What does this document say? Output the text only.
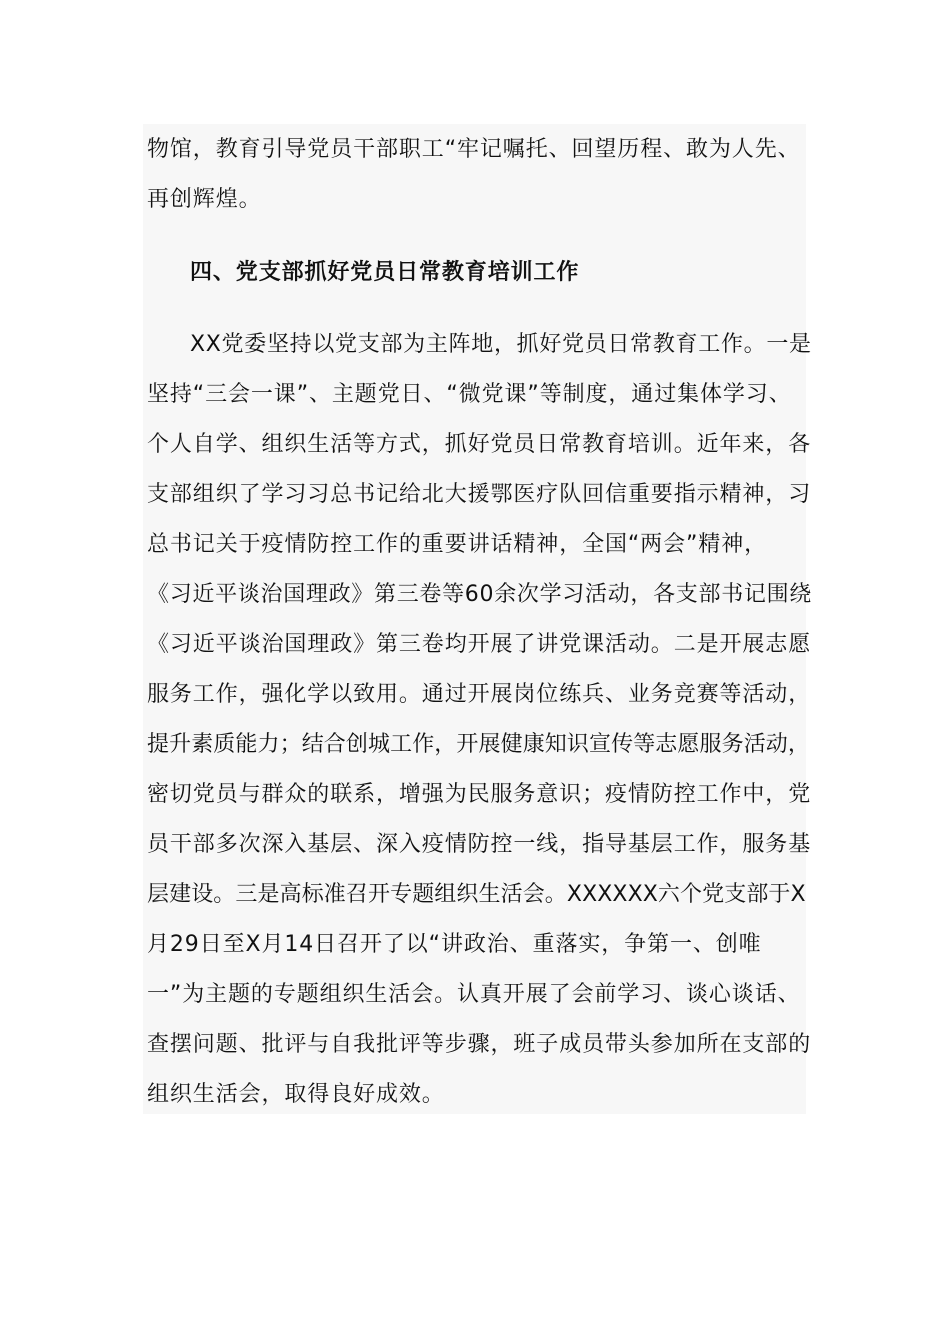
物馆，教育引导党员干部职工“牢记嘱托、回望历程、敢为人先、
再创辉煌。
四、党支部抓好党员日常教育培训工作
XX党委坚持以党支部为主阵地，抓好党员日常教育工作。一是
坚持“三会一课”、主题党日、“微党课”等制度，通过集体学习、
个人自学、组织生活等方式，抓好党员日常教育培训。近年来，各
支部组织了学习习总书记给北大援鄂医疗队回信重要指示精神，习
总书记关于疫情防控工作的重要讲话精神，全国“两会”精神，
《习近平谈治国理政》第三卷等60余次学习活动，各支部书记围绕
《习近平谈治国理政》第三卷均开展了讲党课活动。二是开展志愿
服务工作，强化学以致用。通过开展岗位练兵、业务竞赛等活动，
提升素质能力；结合创城工作，开展健康知识宣传等志愿服务活动，
密切党员与群众的联系，增强为民服务意识；疫情防控工作中，党
员干部多次深入基层、深入疫情防控一线，指导基层工作，服务基
层建设。三是高标准召开专题组织生活会。XXXXXX六个党支部于X
月29日至X月14日召开了以“讲政治、重落实，争第一、创唯
一”为主题的专题组织生活会。认真开展了会前学习、谈心谈话、
查摆问题、批评与自我批评等步骤，班子成员带头参加所在支部的
组织生活会，取得良好成效。
